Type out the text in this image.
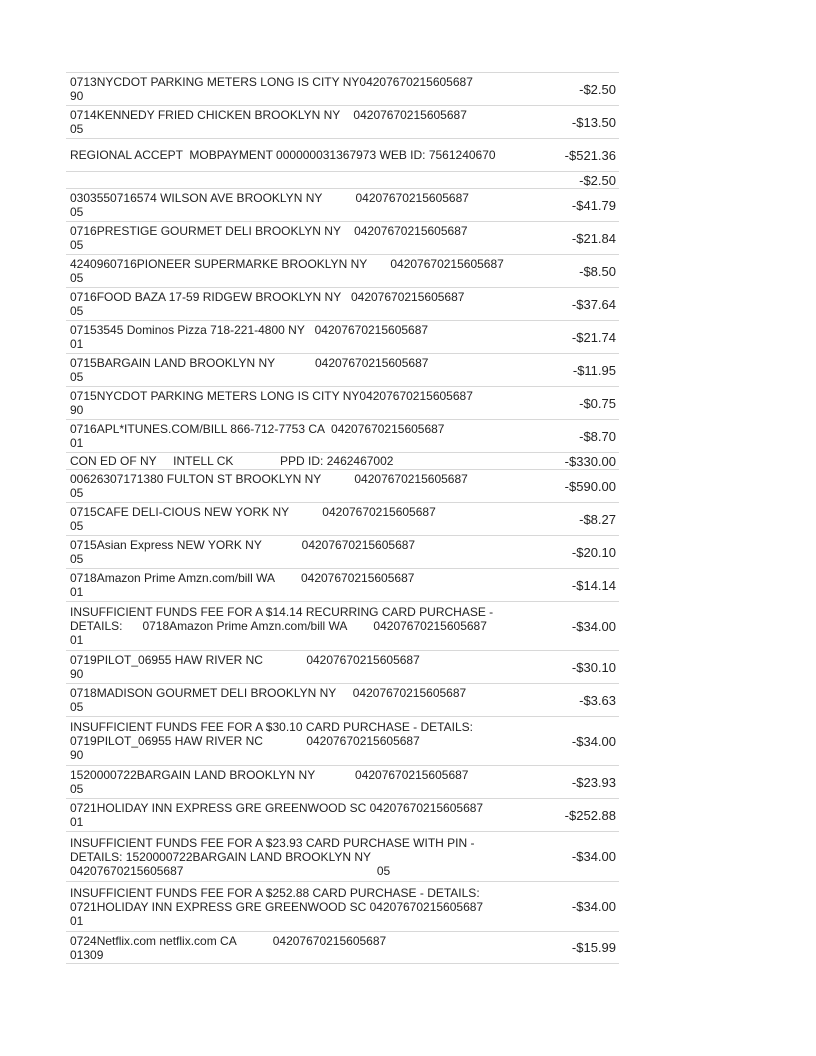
0713NYCDOT PARKING METERS LONG IS CITY NY04207670215605687
90	-$2.50
0714KENNEDY FRIED CHICKEN BROOKLYN NY    04207670215605687
05	-$13.50
REGIONAL ACCEPT  MOBPAYMENT 000000031367973 WEB ID: 7561240670	-$521.36
-$2.50
0303550716574 WILSON AVE BROOKLYN NY          04207670215605687
05	-$41.79
0716PRESTIGE GOURMET DELI BROOKLYN NY    04207670215605687
05	-$21.84
4240960716PIONEER SUPERMARKE BROOKLYN NY       04207670215605687
05	-$8.50
0716FOOD BAZA 17-59 RIDGEW BROOKLYN NY   04207670215605687
05	-$37.64
07153545 Dominos Pizza 718-221-4800 NY   04207670215605687
01	-$21.74
0715BARGAIN LAND BROOKLYN NY            04207670215605687
05	-$11.95
0715NYCDOT PARKING METERS LONG IS CITY NY04207670215605687
90	-$0.75
0716APL*ITUNES.COM/BILL 866-712-7753 CA  04207670215605687
01	-$8.70
CON ED OF NY     INTELL CK              PPD ID: 2462467002	-$330.00
00626307171380 FULTON ST BROOKLYN NY          04207670215605687
05	-$590.00
0715CAFE DELI-CIOUS NEW YORK NY          04207670215605687
05	-$8.27
0715Asian Express NEW YORK NY            04207670215605687
05	-$20.10
0718Amazon Prime Amzn.com/bill WA        04207670215605687
01	-$14.14
INSUFFICIENT FUNDS FEE FOR A $14.14 RECURRING CARD PURCHASE -
DETAILS:      0718Amazon Prime Amzn.com/bill WA        04207670215605687
01
-$34.00
0719PILOT_06955 HAW RIVER NC             04207670215605687
90	-$30.10
0718MADISON GOURMET DELI BROOKLYN NY     04207670215605687
05	-$3.63
INSUFFICIENT FUNDS FEE FOR A $30.10 CARD PURCHASE - DETAILS:
0719PILOT_06955 HAW RIVER NC             04207670215605687
90
-$34.00
1520000722BARGAIN LAND BROOKLYN NY            04207670215605687
05	-$23.93
0721HOLIDAY INN EXPRESS GRE GREENWOOD SC 04207670215605687
01	-$252.88
INSUFFICIENT FUNDS FEE FOR A $23.93 CARD PURCHASE WITH PIN -
DETAILS: 1520000722BARGAIN LAND BROOKLYN NY
04207670215605687                                                          05
-$34.00
INSUFFICIENT FUNDS FEE FOR A $252.88 CARD PURCHASE - DETAILS:
0721HOLIDAY INN EXPRESS GRE GREENWOOD SC 04207670215605687
01
-$34.00
0724Netflix.com netflix.com CA           04207670215605687
01309	-$15.99
